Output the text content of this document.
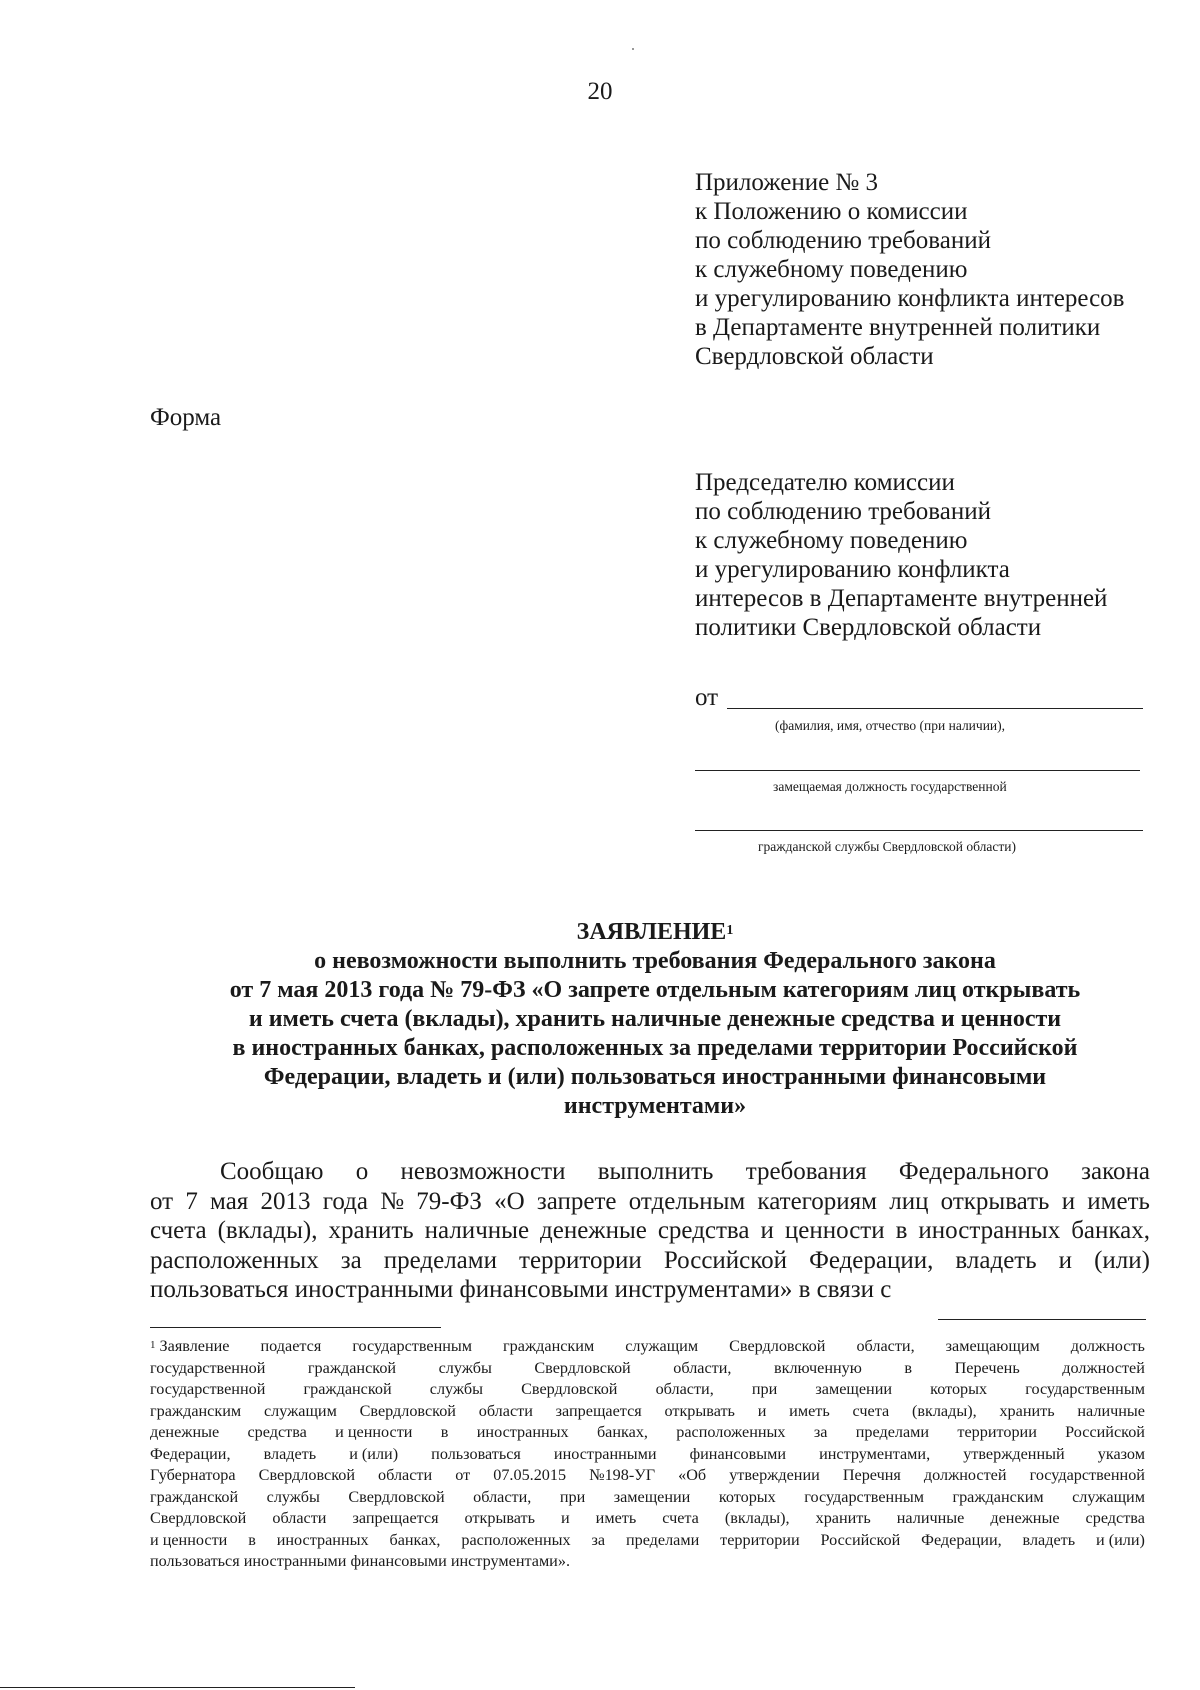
20
Приложение № 3
к Положению о комиссии
по соблюдению требований
к служебному поведению
и урегулированию конфликта интересов
в Департаменте внутренней политики
Свердловской области
Форма
Председателю комиссии
по соблюдению требований
к служебному поведению
и урегулированию конфликта
интересов в Департаменте внутренней
политики Свердловской области
от
(фамилия, имя, отчество (при наличии),
замещаемая должность государственной
гражданской службы Свердловской области)
ЗАЯВЛЕНИЕ$^1$
о невозможности выполнить требования Федерального закона
от 7 мая 2013 года № 79-ФЗ «О запрете отдельным категориям лиц открывать
и иметь счета (вклады), хранить наличные денежные средства и ценности
в иностранных банках, расположенных за пределами территории Российской
Федерации, владеть и (или) пользоваться иностранными финансовыми
инструментами»
Сообщаю о невозможности выполнить требования Федерального закона
от 7 мая 2013 года № 79-ФЗ «О запрете отдельным категориям лиц открывать и иметь
счета (вклады), хранить наличные денежные средства и ценности в иностранных банках,
расположенных за пределами территории Российской Федерации, владеть и (или)
пользоваться иностранными финансовыми инструментами» в связи с
$^1$ Заявление подается государственным гражданским служащим Свердловской области, замещающим должность
государственной	гражданской	службы	Свердловской	области,	включенную	в	Перечень	должностей
государственной гражданской службы Свердловской области, при замещении которых государственным
гражданским служащим Свердловской области запрещается открывать и иметь счета (вклады), хранить наличные
денежные средства и ценности в иностранных банках, расположенных за пределами территории Российской
Федерации, владеть и (или) пользоваться иностранными финансовыми инструментами, утвержденный указом
Губернатора Свердловской области от 07.05.2015 №198-УГ «Об утверждении Перечня должностей государственной
гражданской службы Свердловской области, при замещении которых государственным гражданским служащим
Свердловской области запрещается открывать и иметь счета (вклады), хранить наличные денежные средства
и ценности в иностранных банках, расположенных за пределами территории Российской Федерации, владеть и (или)
пользоваться иностранными финансовыми инструментами».
